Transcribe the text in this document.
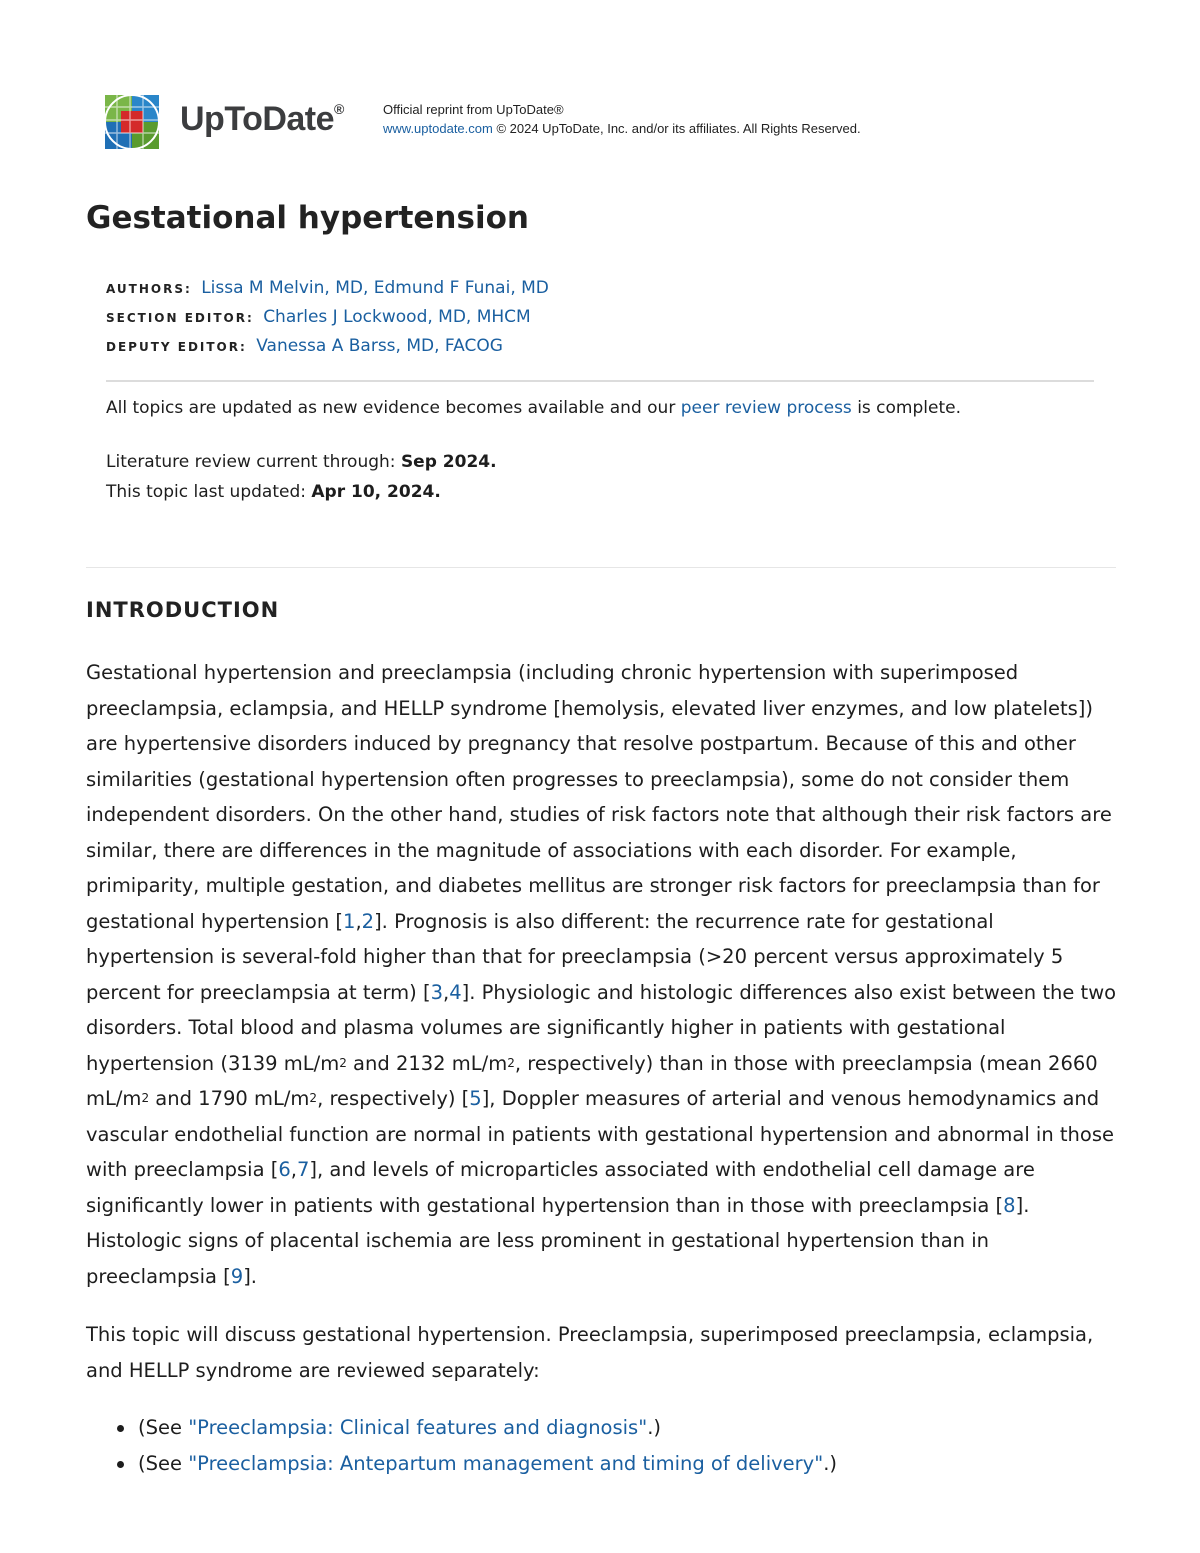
UpToDate®	Official reprint from UpToDate®
www.uptodate.com © 2024 UpToDate, Inc. and/or its affiliates. All Rights Reserved.
Gestational hypertension
AUTHORS: Lissa M Melvin, MD, Edmund F Funai, MD
SECTION EDITOR: Charles J Lockwood, MD, MHCM
DEPUTY EDITOR: Vanessa A Barss, MD, FACOG
All topics are updated as new evidence becomes available and our peer review process is complete.
Literature review current through: Sep 2024.
This topic last updated: Apr 10, 2024.
INTRODUCTION

Gestational hypertension and preeclampsia (including chronic hypertension with superimposed preeclampsia, eclampsia, and HELLP syndrome [hemolysis, elevated liver enzymes, and low platelets]) are hypertensive disorders induced by pregnancy that resolve postpartum. Because of this and other similarities (gestational hypertension often progresses to preeclampsia), some do not consider them independent disorders. On the other hand, studies of risk factors note that although their risk factors are similar, there are differences in the magnitude of associations with each disorder. For example, primiparity, multiple gestation, and diabetes mellitus are stronger risk factors for preeclampsia than for gestational hypertension [1,2]. Prognosis is also different: the recurrence rate for gestational hypertension is several-fold higher than that for preeclampsia (>20 percent versus approximately 5 percent for preeclampsia at term) [3,4]. Physiologic and histologic differences also exist between the two disorders. Total blood and plasma volumes are significantly higher in patients with gestational hypertension (3139 $mL/m^2$ and 2132 $mL/m^2$, respectively) than in those with preeclampsia (mean 2660 $mL/m^2$ and 1790 $mL/m^2$, respectively) [5], Doppler measures of arterial and venous hemodynamics and vascular endothelial function are normal in patients with gestational hypertension and abnormal in those with preeclampsia [6,7], and levels of microparticles associated with endothelial cell damage are significantly lower in patients with gestational hypertension than in those with preeclampsia [8]. Histologic signs of placental ischemia are less prominent in gestational hypertension than in preeclampsia [9].

This topic will discuss gestational hypertension. Preeclampsia, superimposed preeclampsia, eclampsia, and HELLP syndrome are reviewed separately:

(See "Preeclampsia: Clinical features and diagnosis".)
(See "Preeclampsia: Antepartum management and timing of delivery".)
